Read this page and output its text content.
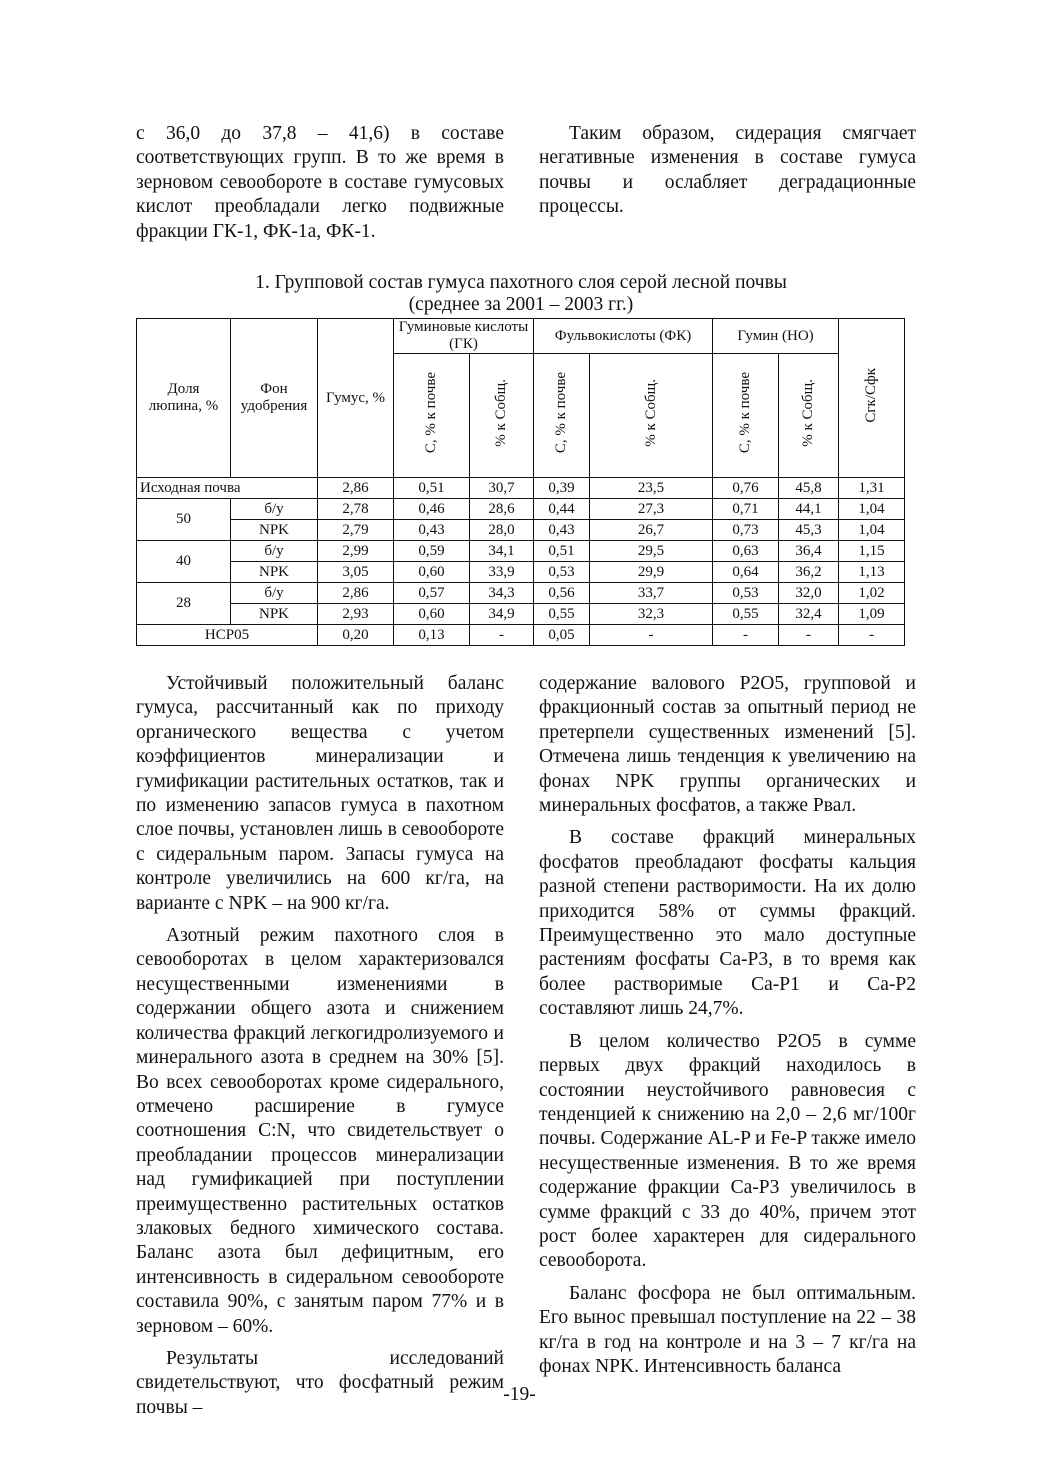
с 36,0 до 37,8 – 41,6) в составе соответствующих групп. В то же время в зерновом севообороте в составе гумусовых кислот преобладали легко подвижные фракции ГК-1, ФК-1а, ФК-1.

Таким образом, сидерация смягчает негативные изменения в составе гумуса почвы и ослабляет деградационные процессы.

1. Групповой состав гумуса пахотного слоя серой лесной почвы
(среднее за 2001 – 2003 гг.)
Доля люпина, %	Фон удобрения	Гумус, %	Гуминовые кислоты (ГК)		Фульвокислоты (ФК)		Гумин (НО)		Сгк/Сфк
			С, % к почве	% к Собщ.	С, % к почве	% к Собщ.	С, % к почве	% к Собщ.	
Исходная почва		2,86	0,51	30,7	0,39	23,5	0,76	45,8	1,31
50	б/у	2,78	0,46	28,6	0,44	27,3	0,71	44,1	1,04
	NPK	2,79	0,43	28,0	0,43	26,7	0,73	45,3	1,04
40	б/у	2,99	0,59	34,1	0,51	29,5	0,63	36,4	1,15
	NPK	3,05	0,60	33,9	0,53	29,9	0,64	36,2	1,13
28	б/у	2,86	0,57	34,3	0,56	33,7	0,53	32,0	1,02
	NPK	2,93	0,60	34,9	0,55	32,3	0,55	32,4	1,09
НСР05		0,20	0,13	-	0,05	-	-	-	-

Устойчивый положительный баланс гумуса, рассчитанный как по приходу органического вещества с учетом коэффициентов минерализации и гумификации растительных остатков, так и по изменению запасов гумуса в пахотном слое почвы, установлен лишь в севообороте с сидеральным паром. Запасы гумуса на контроле увеличились на 600 кг/га, на варианте с NPK – на 900 кг/га.

Азотный режим пахотного слоя в севооборотах в целом характеризовался несущественными изменениями в содержании общего азота и снижением количества фракций легкогидролизуемого и минерального азота в среднем на 30% [5]. Во всех севооборотах кроме сидерального, отмечено расширение в гумусе соотношения C:N, что свидетельствует о преобладании процессов минерализации над гумификацией при поступлении преимущественно растительных остатков злаковых бедного химического состава. Баланс азота был дефицитным, его интенсивность в сидеральном севообороте составила 90%, с занятым паром 77% и в зерновом – 60%.

Результаты исследований свидетельствуют, что фосфатный режим почвы –

содержание валового P2O5, групповой и фракционный состав за опытный период не претерпели существенных изменений [5]. Отмечена лишь тенденция к увеличению на фонах NPK группы органических и минеральных фосфатов, а также Pвал.

В составе фракций минеральных фосфатов преобладают фосфаты кальция разной степени растворимости. На их долю приходится 58% от суммы фракций. Преимущественно это мало доступные растениям фосфаты Ca-P3, в то время как более растворимые Ca-P1 и Ca-P2 составляют лишь 24,7%.

В целом количество P2O5 в сумме первых двух фракций находилось в состоянии неустойчивого равновесия с тенденцией к снижению на 2,0 – 2,6 мг/100г почвы. Содержание AL-P и Fe-P также имело несущественные изменения. В то же время содержание фракции Ca-P3 увеличилось в сумме фракций с 33 до 40%, причем этот рост более характерен для сидерального севооборота.

Баланс фосфора не был оптимальным. Его вынос превышал поступление на 22 – 38 кг/га в год на контроле и на 3 – 7 кг/га на фонах NPK. Интенсивность баланса

-19-
